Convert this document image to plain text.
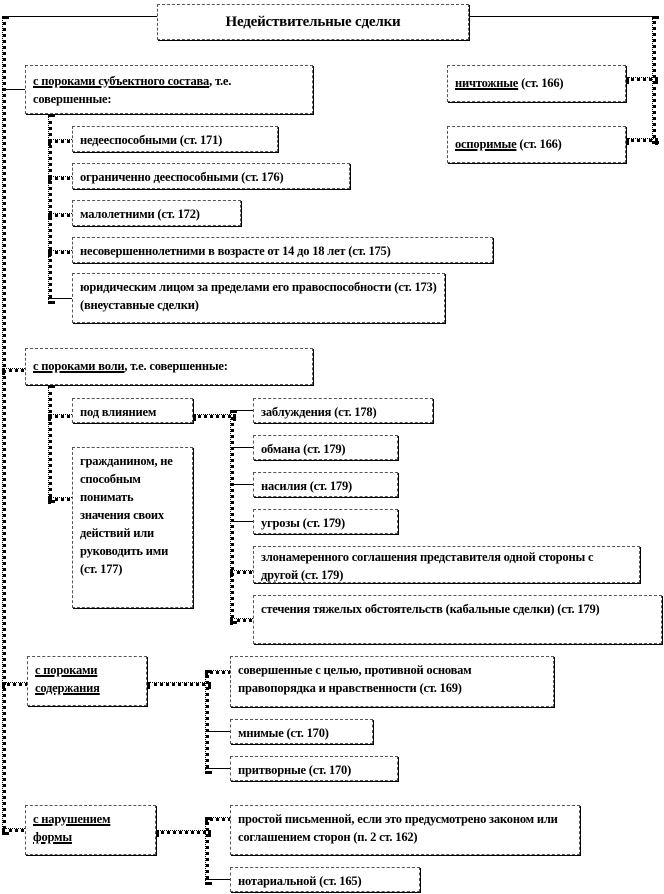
Недействительные сделки
ничтожные (ст. 166)
оспоримые (ст. 166)
с пороками субъектного состава, т.е. совершенные:
недееспособными (ст. 171)
ограниченно дееспособными (ст. 176)
малолетними (ст. 172)
несовершеннолетними в возрасте от 14 до 18 лет (ст. 175)
юридическим лицом за пределами его правоспособности (ст. 173) (внеуставные сделки)
с пороками воли, т.е. совершенные:
под влиянием
гражданином, не способным понимать значения своих действий или руководить ими (ст. 177)
заблуждения (ст. 178)
обмана (ст. 179)
насилия (ст. 179)
угрозы (ст. 179)
злонамеренного соглашения представителя одной стороны с другой (ст. 179)
стечения тяжелых обстоятельств (кабальные сделки) (ст. 179)
с пороками содержания
совершенные с целью, противной основам правопорядка и нравственности (ст. 169)
мнимые (ст. 170)
притворные (ст. 170)
с нарушением формы
простой письменной, если это предусмотрено законом или соглашением сторон (п. 2 ст. 162)
нотариальной (ст. 165)
